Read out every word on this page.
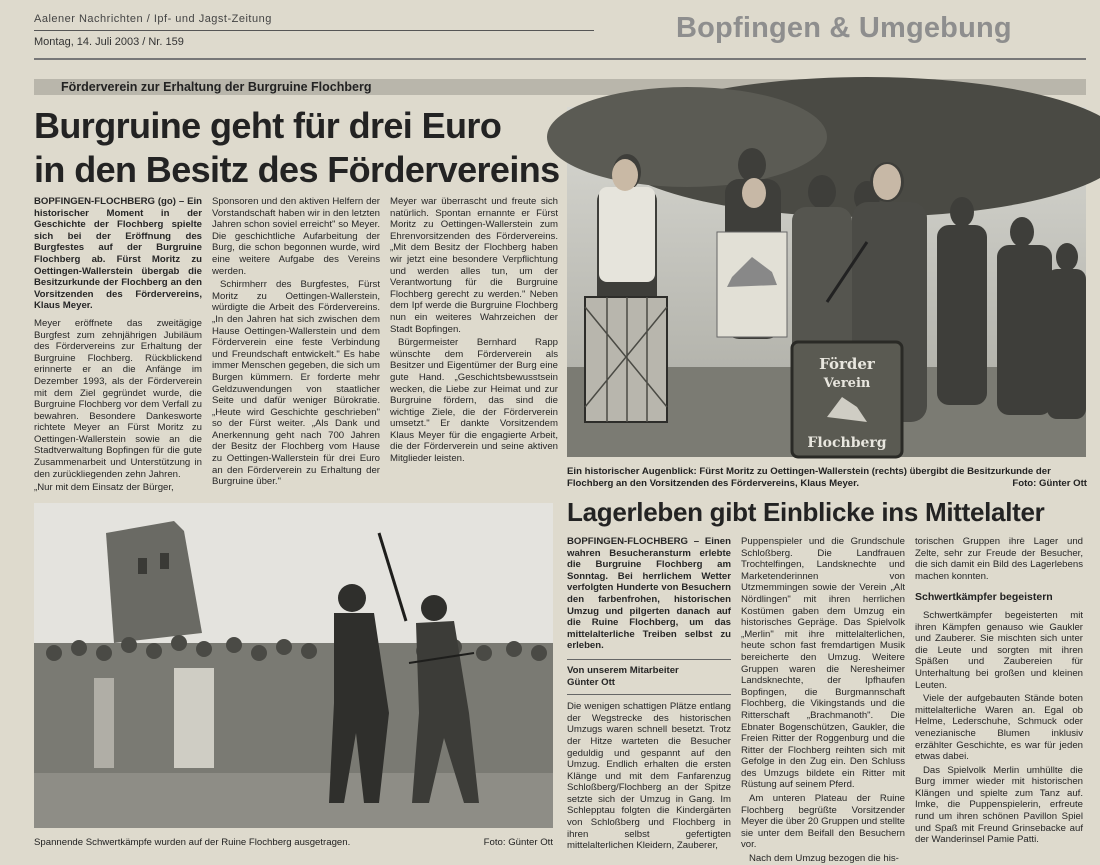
Aalener Nachrichten / Ipf- und Jagst-Zeitung
Montag, 14. Juli 2003 / Nr. 159	Bopfingen & Umgebung
Förderverein zur Erhaltung der Burgruine Flochberg
Burgruine geht für drei Euro
in den Besitz des Fördervereins

BOPFINGEN-FLOCHBERG (go) – Ein historischer Moment in der Geschichte der Flochberg spielte sich bei der Eröffnung des Burgfestes auf der Burgruine Flochberg ab. Fürst Moritz zu Oettingen-Wallerstein übergab die Besitzurkunde der Flochberg an den Vorsitzenden des Fördervereins, Klaus Meyer.

Meyer eröffnete das zweitägige Burgfest zum zehnjährigen Jubiläum des Fördervereins zur Erhaltung der Burgruine Flochberg. Rückblickend erinnerte er an die Anfänge im Dezember 1993, als der Förderverein mit dem Ziel gegründet wurde, die Burgruine Flochberg vor dem Verfall zu bewahren. Besondere Dankesworte richtete Meyer an Fürst Moritz zu Oettingen-Wallerstein sowie an die Stadtverwaltung Bopfingen für die gute Zusammenarbeit und Unterstützung in den zurückliegenden zehn Jahren.

„Nur mit dem Einsatz der Bürger,

Sponsoren und den aktiven Helfern der Vorstandschaft haben wir in den letzten Jahren schon soviel erreicht" so Meyer. Die geschichtliche Aufarbeitung der Burg, die schon begonnen wurde, wird eine weitere Aufgabe des Vereins werden.

Schirmherr des Burgfestes, Fürst Moritz zu Oettingen-Wallerstein, würdigte die Arbeit des Fördervereins. „In den Jahren hat sich zwischen dem Hause Oettingen-Wallerstein und dem Förderverein eine feste Verbindung und Freundschaft entwickelt." Es habe immer Menschen gegeben, die sich um Burgen kümmern. Er forderte mehr Geldzuwendungen von staatlicher Seite und dafür weniger Bürokratie. „Heute wird Geschichte geschrieben" so der Fürst weiter. „Als Dank und Anerkennung geht nach 700 Jahren der Besitz der Flochberg vom Hause zu Oettingen-Wallerstein für drei Euro an den Förderverein zu Erhaltung der Burgruine über."

Meyer war überrascht und freute sich natürlich. Spontan ernannte er Fürst Moritz zu Oettingen-Wallerstein zum Ehrenvorsitzenden des Fördervereins. „Mit dem Besitz der Flochberg haben wir jetzt eine besondere Verpflichtung und werden alles tun, um der Verantwortung für die Burgruine Flochberg gerecht zu werden." Neben dem Ipf werde die Burgruine Flochberg nun ein weiteres Wahrzeichen der Stadt Bopfingen.

Bürgermeister Bernhard Rapp wünschte dem Förderverein als Besitzer und Eigentümer der Burg eine gute Hand. „Geschichtsbewusstsein wecken, die Liebe zur Heimat und zur Burgruine fördern, das sind die wichtige Ziele, die der Förderverein umsetzt." Er dankte Vorsitzendem Klaus Meyer für die engagierte Arbeit, die der Förderverein und seine aktiven Mitglieder leisten.

Förder
Verein
Flochberg
Ein historischer Augenblick: Fürst Moritz zu Oettingen-Wallerstein (rechts) übergibt die Besitzurkunde der Flochberg an den Vorsitzenden des Fördervereins, Klaus Meyer.	Foto: Günter Ott
Spannende Schwertkämpfe wurden auf der Ruine Flochberg ausgetragen.	Foto: Günter Ott
Lagerleben gibt Einblicke ins Mittelalter

BOPFINGEN-FLOCHBERG – Einen wahren Besucheransturm erlebte die Burgruine Flochberg am Sonntag. Bei herrlichem Wetter verfolgten Hunderte von Besuchern den farbenfrohen, historischen Umzug und pilgerten danach auf die Ruine Flochberg, um das mittelalterliche Treiben selbst zu erleben.

Von unserem Mitarbeiter

Günter Ott

Die wenigen schattigen Plätze entlang der Wegstrecke des historischen Umzugs waren schnell besetzt. Trotz der Hitze warteten die Besucher geduldig und gespannt auf den Umzug. Endlich erhalten die ersten Klänge und mit dem Fanfarenzug Schloßberg/Flochberg an der Spitze setzte sich der Umzug in Gang. Im Schlepptau folgten die Kindergärten von Schloßberg und Flochberg in ihren selbst gefertigten mittelalterlichen Kleidern, Zauberer,

Puppenspieler und die Grundschule Schloßberg. Die Landfrauen Trochtelfingen, Landsknechte und Marketenderinnen von Utzmemmingen sowie der Verein „Alt Nördlingen" mit ihren herrlichen Kostümen gaben dem Umzug ein historisches Gepräge. Das Spielvolk „Merlin" mit ihre mittelalterlichen, heute schon fast fremdartigen Musik bereicherte den Umzug. Weitere Gruppen waren die Neresheimer Landsknechte, der Ipfhaufen Bopfingen, die Burgmannschaft Flochberg, die Vikingstands und die Ritterschaft „Brachmanoth". Die Ebnater Bogenschützen, Gaukler, die Freien Ritter der Roggenburg und die Ritter der Flochberg reihten sich mit Gefolge in den Zug ein. Den Schluss des Umzugs bildete ein Ritter mit Rüstung auf seinem Pferd.

Am unteren Plateau der Ruine Flochberg begrüßte Vorsitzender Meyer die über 20 Gruppen und stellte sie unter dem Beifall den Besuchern vor.

Nach dem Umzug bezogen die his-

torischen Gruppen ihre Lager und Zelte, sehr zur Freude der Besucher, die sich damit ein Bild des Lagerlebens machen konnten.

Schwertkämpfer begeistern

Schwertkämpfer begeisterten mit ihren Kämpfen genauso wie Gaukler und Zauberer. Sie mischten sich unter die Leute und sorgten mit ihren Späßen und Zaubereien für Unterhaltung bei großen und kleinen Leuten.

Viele der aufgebauten Stände boten mittelalterliche Waren an. Egal ob Helme, Lederschuhe, Schmuck oder venezianische Blumen inklusiv erzählter Geschichte, es war für jeden etwas dabei.

Das Spielvolk Merlin umhüllte die Burg immer wieder mit historischen Klängen und spielte zum Tanz auf. Imke, die Puppenspielerin, erfreute rund um ihren schönen Pavillon Spiel und Spaß mit Freund Grinsebacke auf der Wanderinsel Pamie Patti.
